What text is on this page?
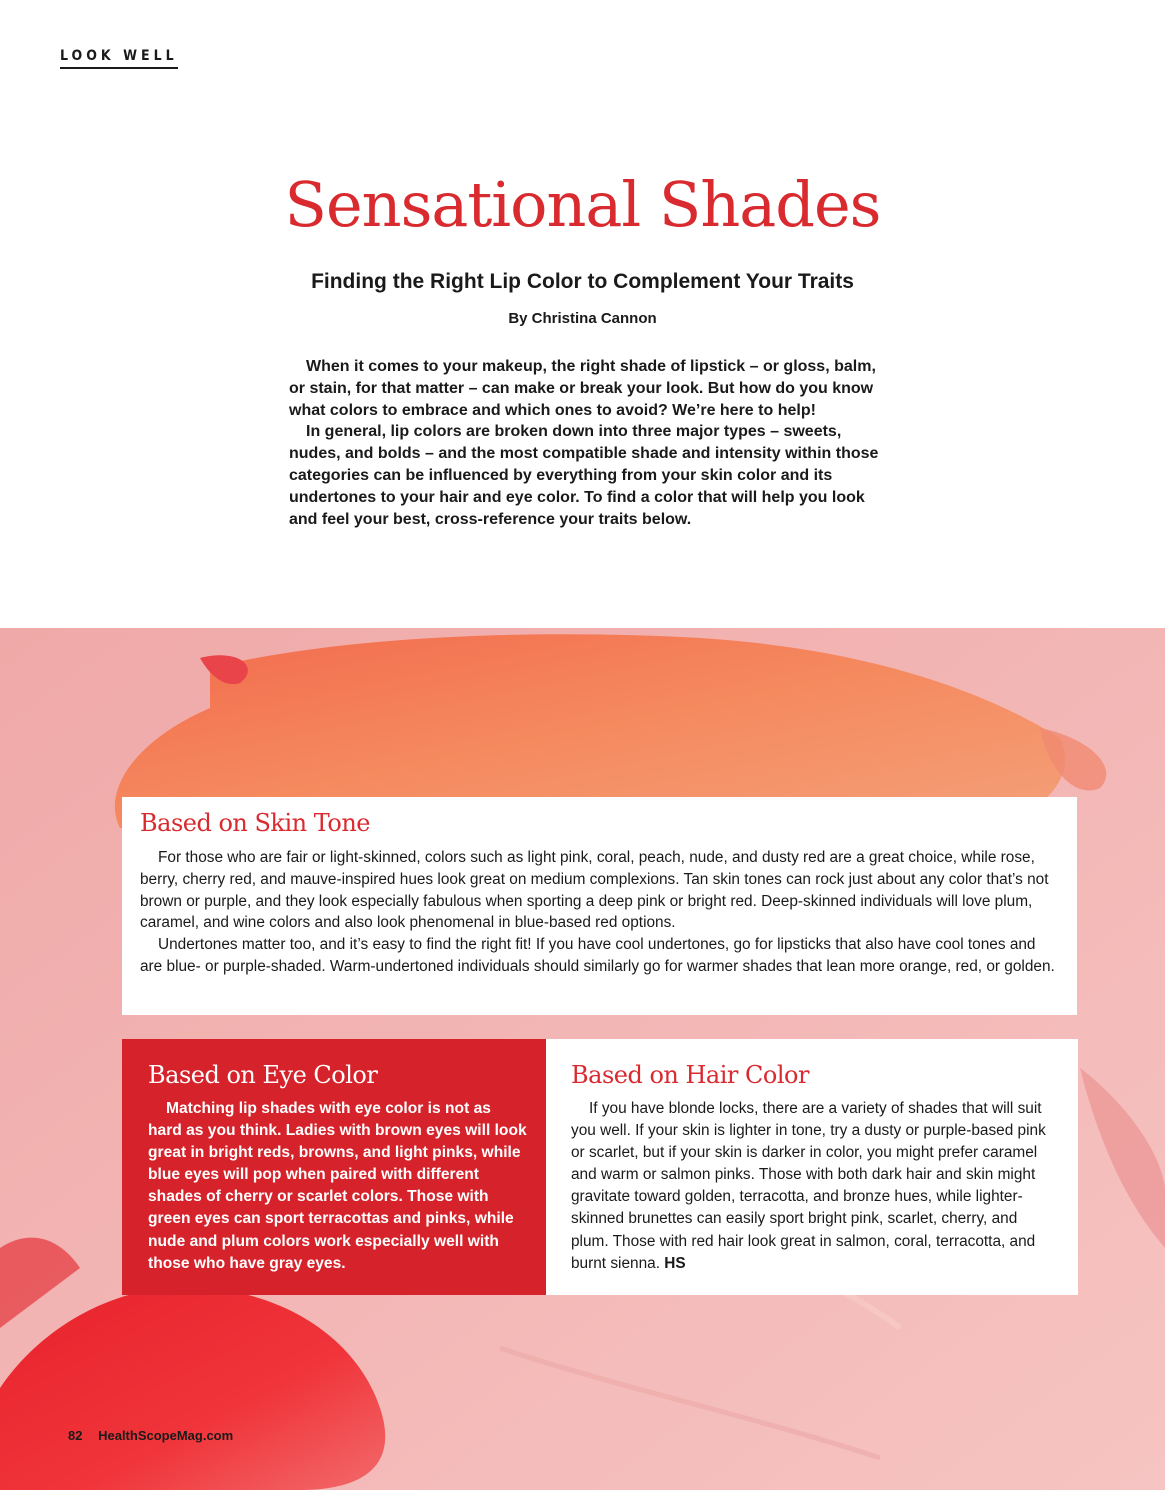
LOOK WELL
Sensational Shades
Finding the Right Lip Color to Complement Your Traits
By Christina Cannon

When it comes to your makeup, the right shade of lipstick – or gloss, balm, or stain, for that matter – can make or break your look. But how do you know what colors to embrace and which ones to avoid? We’re here to help!

In general, lip colors are broken down into three major types – sweets, nudes, and bolds – and the most compatible shade and intensity within those categories can be influenced by everything from your skin color and its undertones to your hair and eye color. To find a color that will help you look and feel your best, cross-reference your traits below.

Based on Skin Tone

For those who are fair or light-skinned, colors such as light pink, coral, peach, nude, and dusty red are a great choice, while rose, berry, cherry red, and mauve-inspired hues look great on medium complexions. Tan skin tones can rock just about any color that’s not brown or purple, and they look especially fabulous when sporting a deep pink or bright red. Deep-skinned individuals will love plum, caramel, and wine colors and also look phenomenal in blue-based red options.

Undertones matter too, and it’s easy to find the right fit! If you have cool undertones, go for lipsticks that also have cool tones and are blue- or purple-shaded. Warm-undertoned individuals should similarly go for warmer shades that lean more orange, red, or golden.

Based on Eye Color

Matching lip shades with eye color is not as hard as you think. Ladies with brown eyes will look great in bright reds, browns, and light pinks, while blue eyes will pop when paired with different shades of cherry or scarlet colors. Those with green eyes can sport terracottas and pinks, while nude and plum colors work especially well with those who have gray eyes.

Based on Hair Color

If you have blonde locks, there are a variety of shades that will suit you well. If your skin is lighter in tone, try a dusty or purple-based pink or scarlet, but if your skin is darker in color, you might prefer caramel and warm or salmon pinks. Those with both dark hair and skin might gravitate toward golden, terracotta, and bronze hues, while lighter-skinned brunettes can easily sport bright pink, scarlet, cherry, and plum. Those with red hair look great in salmon, coral, terracotta, and burnt sienna. HS

82 HealthScopeMag.com
